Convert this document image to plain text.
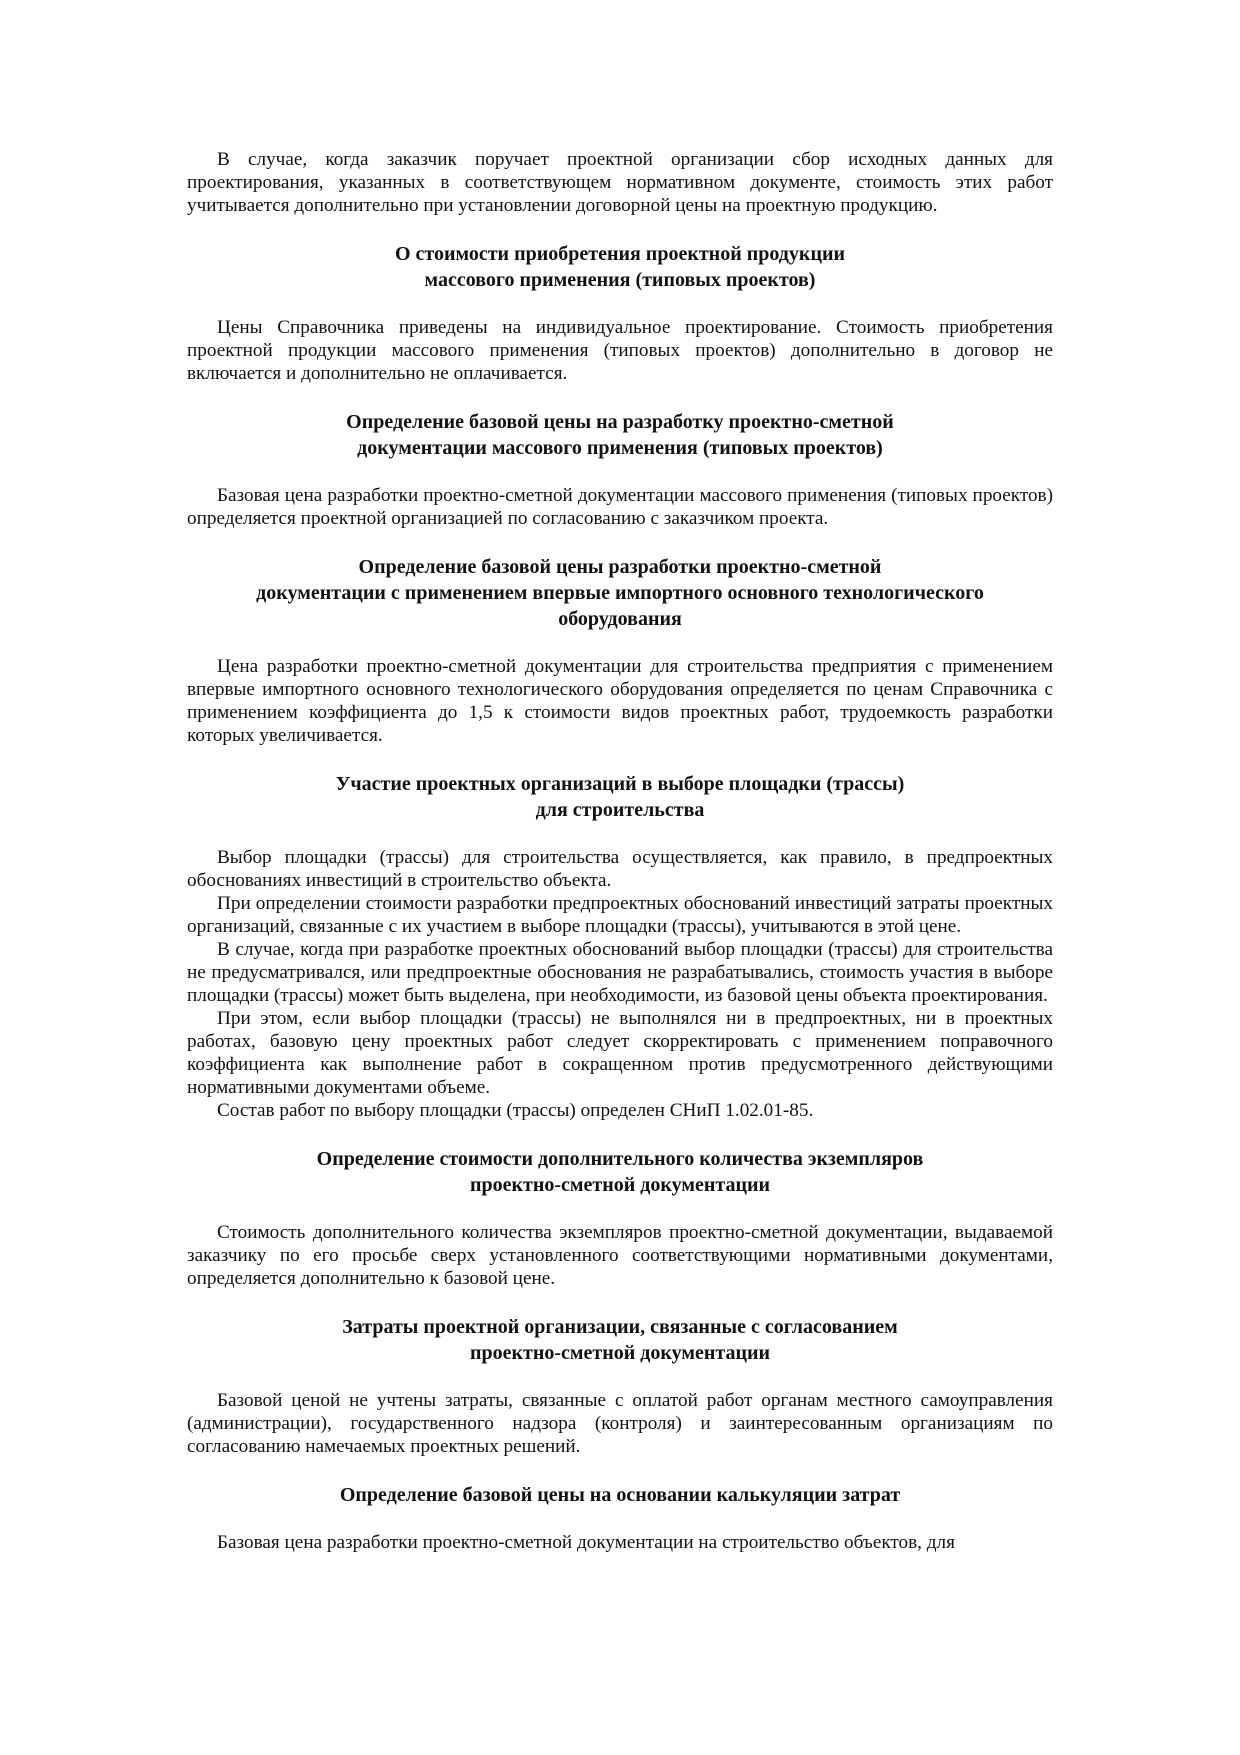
В случае, когда заказчик поручает проектной организации сбор исходных данных для проектирования, указанных в соответствующем нормативном документе, стоимость этих работ учитывается дополнительно при установлении договорной цены на проектную продукцию.

О стоимости приобретения проектной продукции
массового применения (типовых проектов)

Цены Справочника приведены на индивидуальное проектирование. Стоимость приобретения проектной продукции массового применения (типовых проектов) дополнительно в договор не включается и дополнительно не оплачивается.

Определение базовой цены на разработку проектно-сметной
документации массового применения (типовых проектов)

Базовая цена разработки проектно-сметной документации массового применения (типовых проектов) определяется проектной организацией по согласованию с заказчиком проекта.

Определение базовой цены разработки проектно-сметной
документации с применением впервые импортного основного технологического
оборудования

Цена разработки проектно-сметной документации для строительства предприятия с применением впервые импортного основного технологического оборудования определяется по ценам Справочника с применением коэффициента до 1,5 к стоимости видов проектных работ, трудоемкость разработки которых увеличивается.

Участие проектных организаций в выборе площадки (трассы)
для строительства

Выбор площадки (трассы) для строительства осуществляется, как правило, в предпроектных обоснованиях инвестиций в строительство объекта.

При определении стоимости разработки предпроектных обоснований инвестиций затраты проектных организаций, связанные с их участием в выборе площадки (трассы), учитываются в этой цене.

В случае, когда при разработке проектных обоснований выбор площадки (трассы) для строительства не предусматривался, или предпроектные обоснования не разрабатывались, стоимость участия в выборе площадки (трассы) может быть выделена, при необходимости, из базовой цены объекта проектирования.

При этом, если выбор площадки (трассы) не выполнялся ни в предпроектных, ни в проектных работах, базовую цену проектных работ следует скорректировать с применением поправочного коэффициента как выполнение работ в сокращенном против предусмотренного действующими нормативными документами объеме.

Состав работ по выбору площадки (трассы) определен СНиП 1.02.01-85.

Определение стоимости дополнительного количества экземпляров
проектно-сметной документации

Стоимость дополнительного количества экземпляров проектно-сметной документации, выдаваемой заказчику по его просьбе сверх установленного соответствующими нормативными документами, определяется дополнительно к базовой цене.

Затраты проектной организации, связанные с согласованием
проектно-сметной документации

Базовой ценой не учтены затраты, связанные с оплатой работ органам местного самоуправления (администрации), государственного надзора (контроля) и заинтересованным организациям по согласованию намечаемых проектных решений.

Определение базовой цены на основании калькуляции затрат

Базовая цена разработки проектно-сметной документации на строительство объектов, для
